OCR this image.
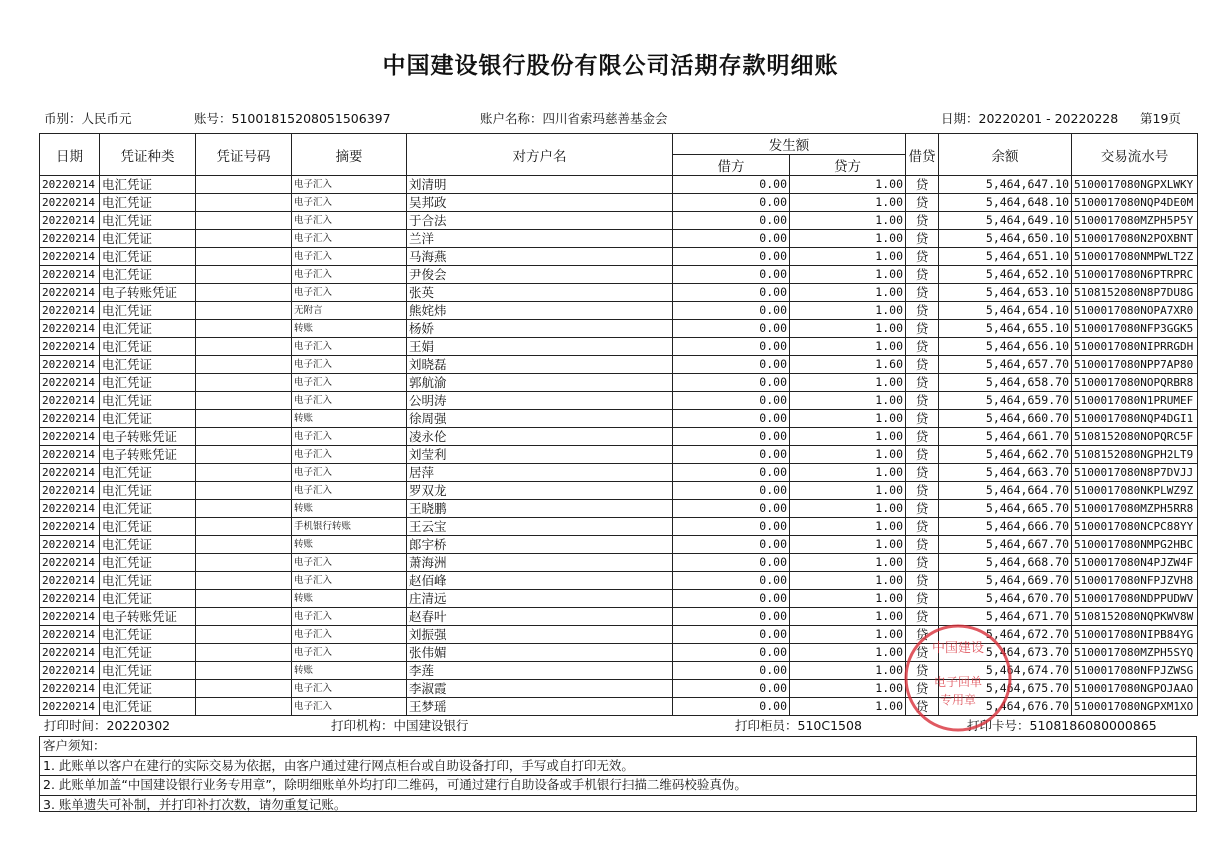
中国建设银行股份有限公司活期存款明细账
币别：人民币元	账号：51001815208051506397	账户名称：四川省索玛慈善基金会	日期：20220201 - 20220228 第19页
日期	凭证种类	凭证号码	摘要	对方户名	发生额		借贷	余额	交易流水号
					借方	贷方			
20220214	电汇凭证		电子汇入	刘清明	0.00	1.00	贷	5,464,647.10	5100017080NGPXLWKY
20220214	电汇凭证		电子汇入	吴邦政	0.00	1.00	贷	5,464,648.10	5100017080NQP4DE0M
20220214	电汇凭证		电子汇入	于合法	0.00	1.00	贷	5,464,649.10	5100017080MZPH5P5Y
20220214	电汇凭证		电子汇入	兰洋	0.00	1.00	贷	5,464,650.10	5100017080N2POXBNT
20220214	电汇凭证		电子汇入	马海燕	0.00	1.00	贷	5,464,651.10	5100017080NMPWLT2Z
20220214	电汇凭证		电子汇入	尹俊会	0.00	1.00	贷	5,464,652.10	5100017080N6PTRPRC
20220214	电子转账凭证		电子汇入	张英	0.00	1.00	贷	5,464,653.10	5108152080N8P7DU8G
20220214	电汇凭证		无附言	熊姹炜	0.00	1.00	贷	5,464,654.10	5100017080NOPA7XR0
20220214	电汇凭证		转账	杨娇	0.00	1.00	贷	5,464,655.10	5100017080NFP3GGK5
20220214	电汇凭证		电子汇入	王娟	0.00	1.00	贷	5,464,656.10	5100017080NIPRRGDH
20220214	电汇凭证		电子汇入	刘晓磊	0.00	1.60	贷	5,464,657.70	5100017080NPP7AP80
20220214	电汇凭证		电子汇入	郭航渝	0.00	1.00	贷	5,464,658.70	5100017080NOPQRBR8
20220214	电汇凭证		电子汇入	公明涛	0.00	1.00	贷	5,464,659.70	5100017080N1PRUMEF
20220214	电汇凭证		转账	徐周强	0.00	1.00	贷	5,464,660.70	5100017080NQP4DGI1
20220214	电子转账凭证		电子汇入	凌永伦	0.00	1.00	贷	5,464,661.70	5108152080NOPQRC5F
20220214	电子转账凭证		电子汇入	刘莹利	0.00	1.00	贷	5,464,662.70	5108152080NGPH2LT9
20220214	电汇凭证		电子汇入	居萍	0.00	1.00	贷	5,464,663.70	5100017080N8P7DVJJ
20220214	电汇凭证		电子汇入	罗双龙	0.00	1.00	贷	5,464,664.70	5100017080NKPLWZ9Z
20220214	电汇凭证		转账	王晓鹏	0.00	1.00	贷	5,464,665.70	5100017080MZPH5RR8
20220214	电汇凭证		手机银行转账	王云宝	0.00	1.00	贷	5,464,666.70	5100017080NCPC88YY
20220214	电汇凭证		转账	郎宇桥	0.00	1.00	贷	5,464,667.70	5100017080NMPG2HBC
20220214	电汇凭证		电子汇入	萧海洲	0.00	1.00	贷	5,464,668.70	5100017080N4PJZW4F
20220214	电汇凭证		电子汇入	赵佰峰	0.00	1.00	贷	5,464,669.70	5100017080NFPJZVH8
20220214	电汇凭证		转账	庄清远	0.00	1.00	贷	5,464,670.70	5100017080NDPPUDWV
20220214	电子转账凭证		电子汇入	赵春叶	0.00	1.00	贷	5,464,671.70	5108152080NQPKWV8W
20220214	电汇凭证		电子汇入	刘振强	0.00	1.00	贷	5,464,672.70	5100017080NIPB84YG
20220214	电汇凭证		电子汇入	张伟媚	0.00	1.00	贷	5,464,673.70	5100017080MZPH5SYQ
20220214	电汇凭证		转账	李莲	0.00	1.00	贷	5,464,674.70	5100017080NFPJZWSG
20220214	电汇凭证		电子汇入	李淑霞	0.00	1.00	贷	5,464,675.70	5100017080NGPOJAAO
20220214	电汇凭证		电子汇入	王梦瑶	0.00	1.00	贷	5,464,676.70	5100017080NGPXM1XO
打印时间：20220302	打印机构：中国建设银行	打印柜员：510C1508	打印卡号：5108186080000865
客户须知：
1. 此账单以客户在建行的实际交易为依据，由客户通过建行网点柜台或自助设备打印，手写或自打印无效。
2. 此账单加盖“中国建设银行业务专用章”，除明细账单外均打印二维码，可通过建行自助设备或手机银行扫描二维码校验真伪。
3. 账单遗失可补制，并打印补打次数，请勿重复记账。
中国建设
电子回单
专用章
